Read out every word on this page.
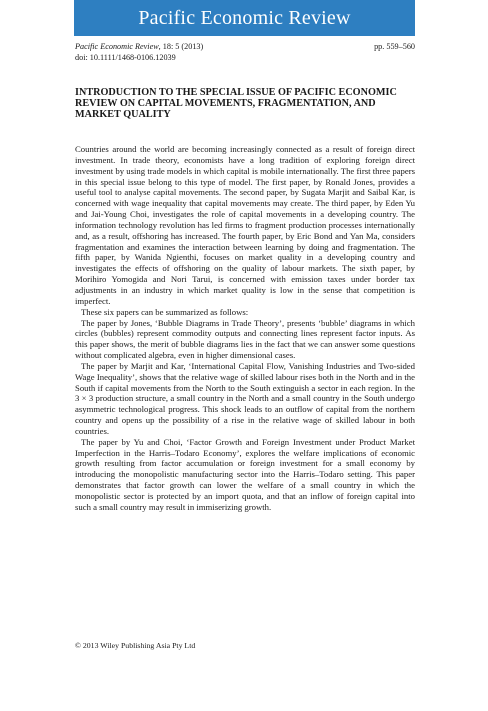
Pacific Economic Review
Pacific Economic Review, 18: 5 (2013)	pp. 559–560
doi: 10.1111/1468-0106.12039
INTRODUCTION TO THE SPECIAL ISSUE OF PACIFIC ECONOMIC REVIEW ON CAPITAL MOVEMENTS, FRAGMENTATION, AND MARKET QUALITY

Countries around the world are becoming increasingly connected as a result of foreign direct investment. In trade theory, economists have a long tradition of exploring foreign direct investment by using trade models in which capital is mobile internationally. The first three papers in this special issue belong to this type of model. The first paper, by Ronald Jones, provides a useful tool to analyse capital movements. The second paper, by Sugata Marjit and Saibal Kar, is concerned with wage inequality that capital movements may create. The third paper, by Eden Yu and Jai-Young Choi, investigates the role of capital movements in a developing country. The information technology revolution has led firms to fragment production processes internationally and, as a result, offshoring has increased. The fourth paper, by Eric Bond and Yan Ma, considers fragmentation and examines the interaction between learning by doing and fragmentation. The fifth paper, by Wanida Ngienthi, focuses on market quality in a developing country and investigates the effects of offshoring on the quality of labour markets. The sixth paper, by Morihiro Yomogida and Nori Tarui, is concerned with emission taxes under border tax adjustments in an industry in which market quality is low in the sense that competition is imperfect.

These six papers can be summarized as follows:

The paper by Jones, ‘Bubble Diagrams in Trade Theory’, presents ‘bubble’ diagrams in which circles (bubbles) represent commodity outputs and connecting lines represent factor inputs. As this paper shows, the merit of bubble diagrams lies in the fact that we can answer some questions without complicated algebra, even in higher dimensional cases.

The paper by Marjit and Kar, ‘International Capital Flow, Vanishing Industries and Two-sided Wage Inequality’, shows that the relative wage of skilled labour rises both in the North and in the South if capital movements from the North to the South extinguish a sector in each region. In the 3 × 3 production structure, a small country in the North and a small country in the South undergo asymmetric technological progress. This shock leads to an outflow of capital from the northern country and opens up the possibility of a rise in the relative wage of skilled labour in both countries.

The paper by Yu and Choi, ‘Factor Growth and Foreign Investment under Product Market Imperfection in the Harris–Todaro Economy’, explores the welfare implications of economic growth resulting from factor accumulation or foreign investment for a small economy by introducing the monopolistic manufacturing sector into the Harris–Todaro setting. This paper demonstrates that factor growth can lower the welfare of a small country in which the monopolistic sector is protected by an import quota, and that an inflow of foreign capital into such a small country may result in immiserizing growth.

© 2013 Wiley Publishing Asia Pty Ltd
